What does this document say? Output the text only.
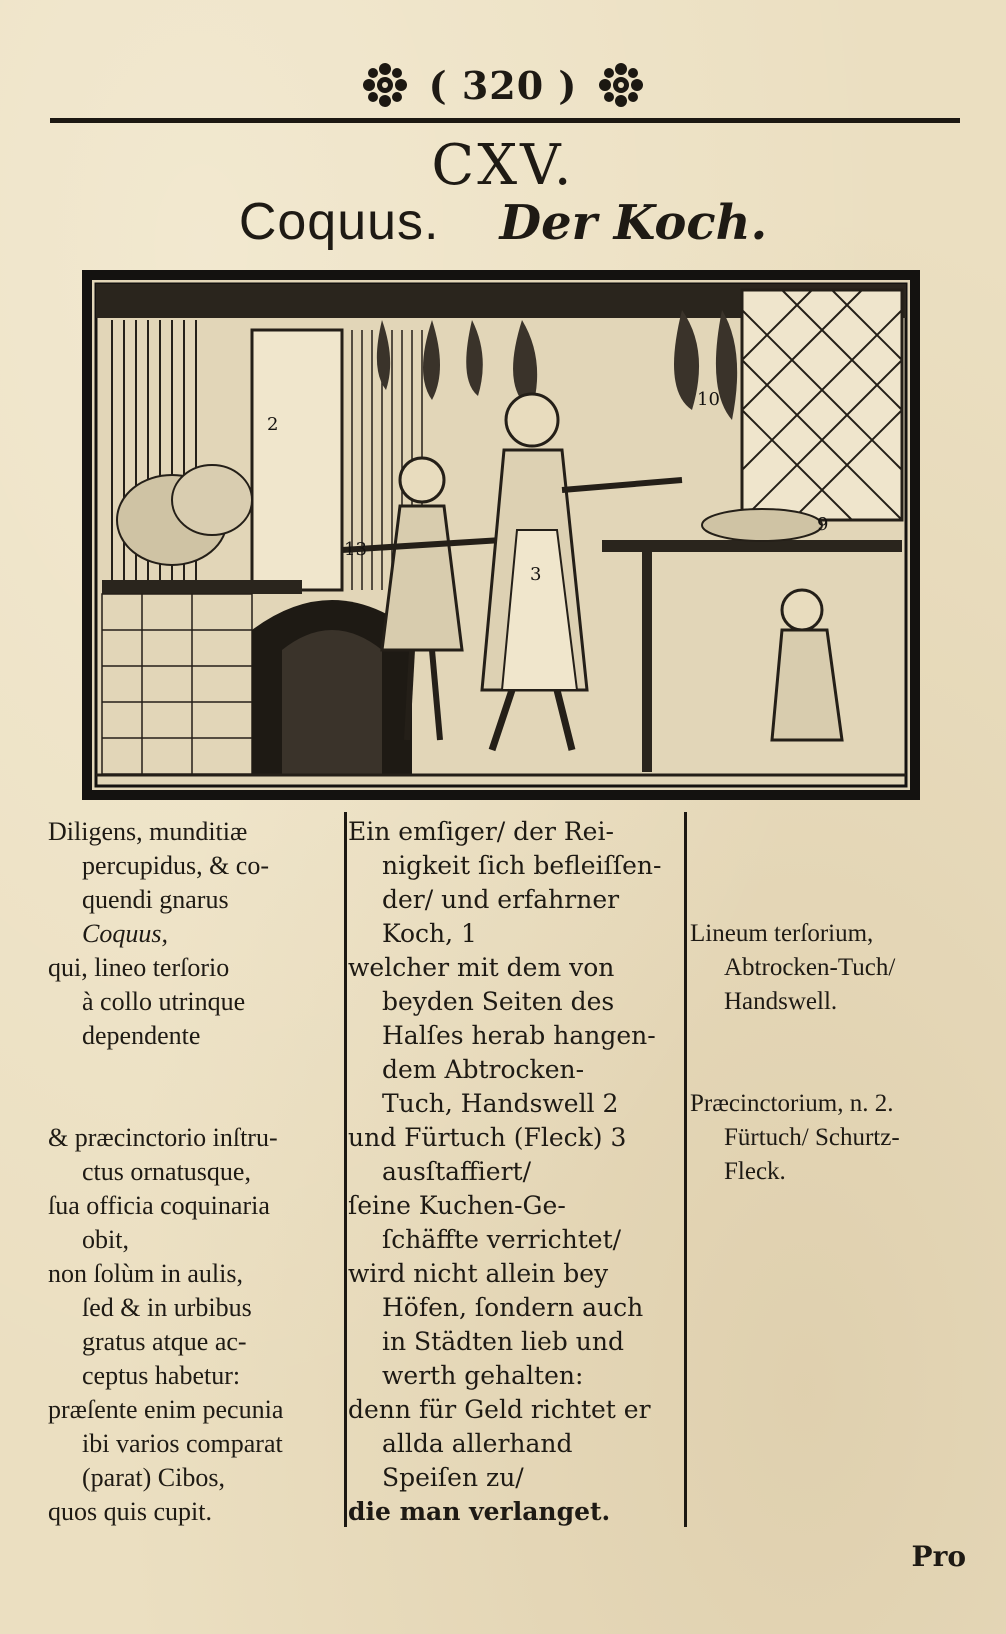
( 320 )
CXV.
Coquus. Der Koch.
2
3
10
9
13
Diligens, munditiæ
percupidus, & co-
quendi gnarus
Coquus,
qui, lineo terſorio
à collo utrinque
dependente
& præcinctorio inſtru-
ctus ornatusque,
ſua officia coquinaria
obit,
non ſolùm in aulis,
ſed & in urbibus
gratus atque ac-
ceptus habetur:
præſente enim pecunia
ibi varios comparat
(parat) Cibos,
quos quis cupit.
Ein emſiger/ der Rei-
nigkeit ſich befleiſſen-
der/ und erfahrner
Koch, 1
welcher mit dem von
beyden Seiten des
Halſes herab hangen-
dem Abtrocken-
Tuch, Handswell 2
und Fürtuch (Fleck) 3
ausſtaffiert/
ſeine Kuchen-Ge-
ſchäffte verrichtet/
wird nicht allein bey
Höfen, ſondern auch
in Städten lieb und
werth gehalten:
denn für Geld richtet er
allda allerhand
Speiſen zu/
die man verlanget.
Lineum terſorium,
Abtrocken-Tuch/
Handswell.
Præcinctorium, n. 2.
Fürtuch/ Schurtz-
Fleck.
Pro
